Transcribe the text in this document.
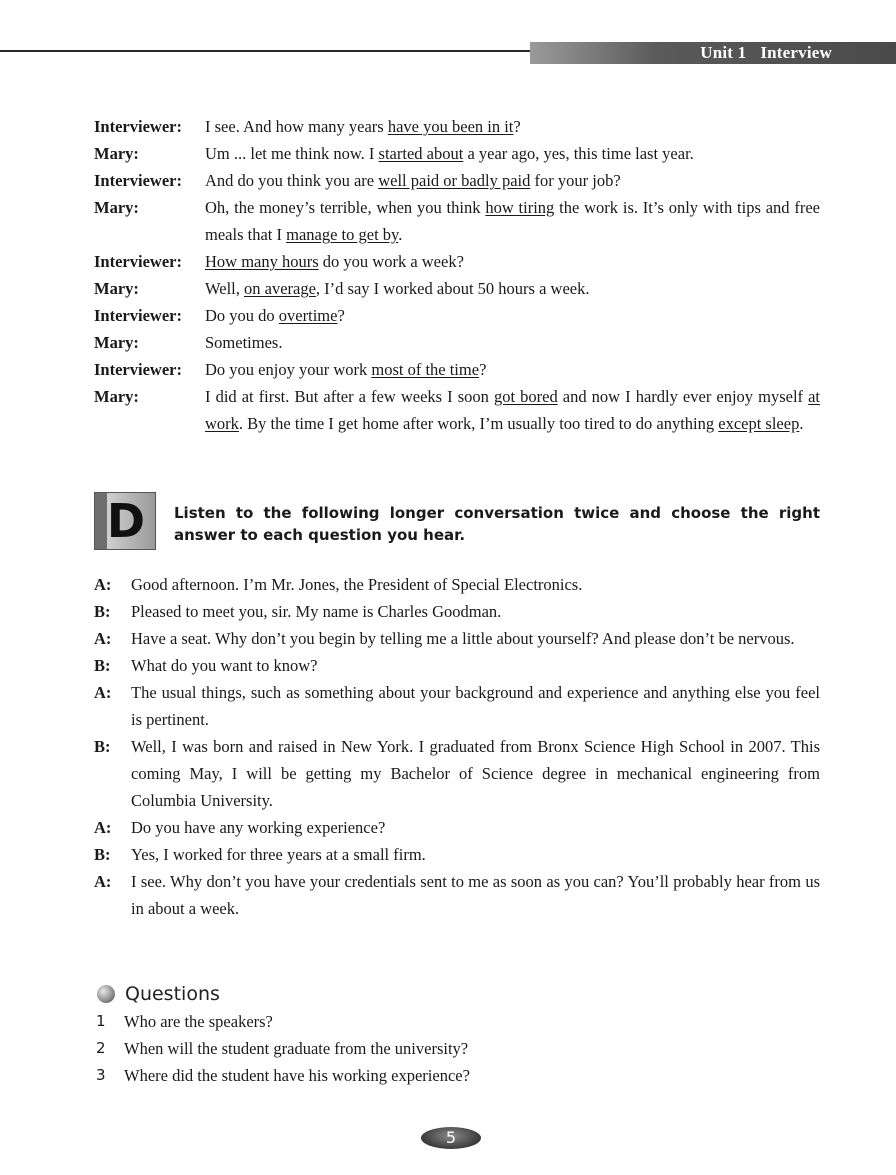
Unit 1 Interview
Interviewer:	I see. And how many years have you been in it?
Mary:	Um ... let me think now. I started about a year ago, yes, this time last year.
Interviewer:	And do you think you are well paid or badly paid for your job?
Mary:	Oh, the money’s terrible, when you think how tiring the work is. It’s only with tips and free meals that I manage to get by.
Interviewer:	How many hours do you work a week?
Mary:	Well, on average, I’d say I worked about 50 hours a week.
Interviewer:	Do you do overtime?
Mary:	Sometimes.
Interviewer:	Do you enjoy your work most of the time?
Mary:	I did at first. But after a few weeks I soon got bored and now I hardly ever enjoy myself at work. By the time I get home after work, I’m usually too tired to do anything except sleep.
D Listen to the following longer conversation twice and choose the right answer to each question you hear.
A:	Good afternoon. I’m Mr. Jones, the President of Special Electronics.
B:	Pleased to meet you, sir. My name is Charles Goodman.
A:	Have a seat. Why don’t you begin by telling me a little about yourself? And please don’t be nervous.
B:	What do you want to know?
A:	The usual things, such as something about your background and experience and anything else you feel is pertinent.
B:	Well, I was born and raised in New York. I graduated from Bronx Science High School in 2007. This coming May, I will be getting my Bachelor of Science degree in mechanical engineering from Columbia University.
A:	Do you have any working experience?
B:	Yes, I worked for three years at a small firm.
A:	I see. Why don’t you have your credentials sent to me as soon as you can? You’ll probably hear from us in about a week.
Questions
1	Who are the speakers?
2	When will the student graduate from the university?
3	Where did the student have his working experience?
5
